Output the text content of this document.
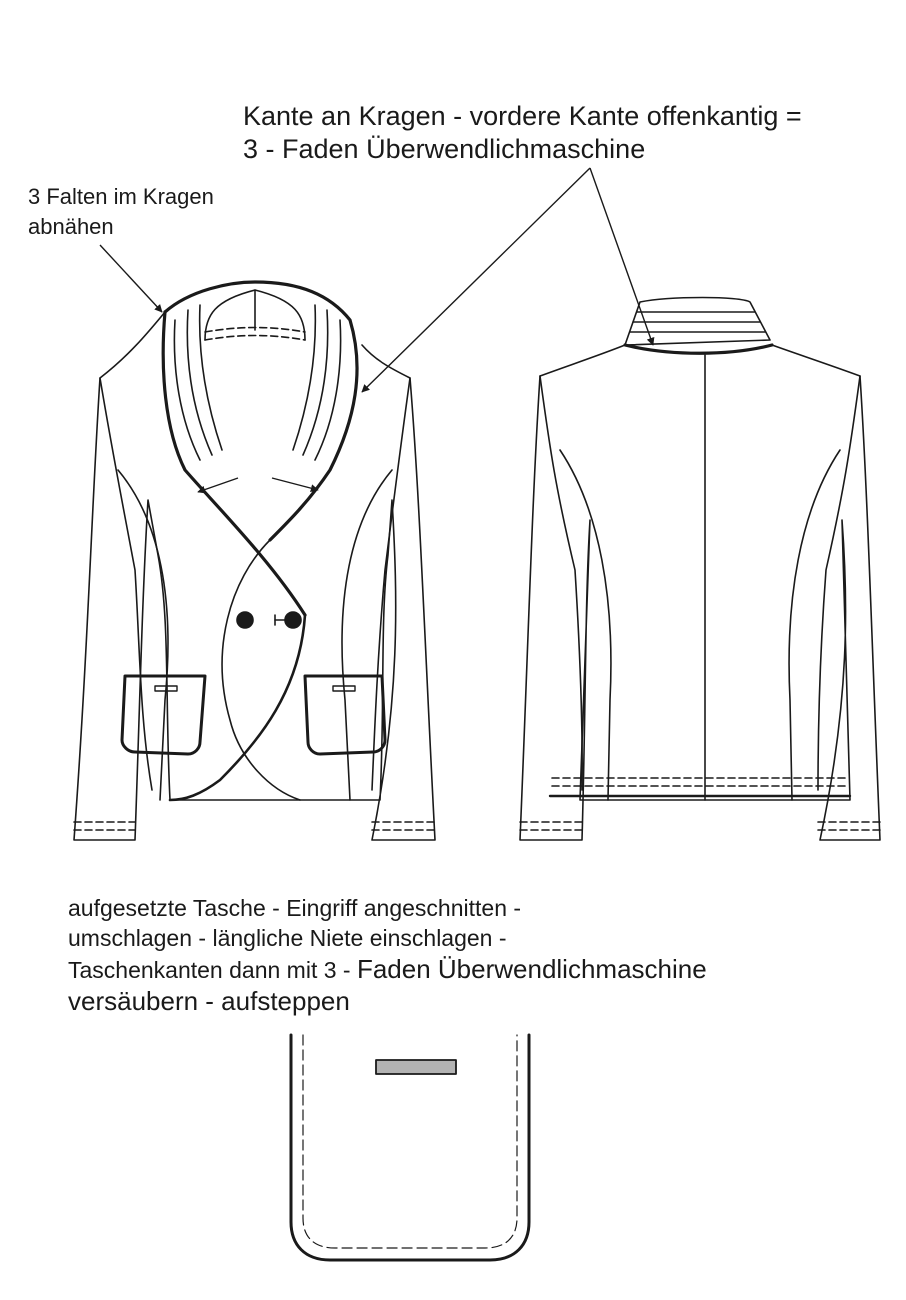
Kante an Kragen - vordere Kante offenkantig =
3 - Faden Überwendlichmaschine
3 Falten im Kragen
abnähen
aufgesetzte Tasche - Eingriff angeschnitten -
umschlagen - längliche Niete einschlagen -
Taschenkanten dann mit 3 - Faden Überwendlichmaschine
versäubern - aufsteppen
